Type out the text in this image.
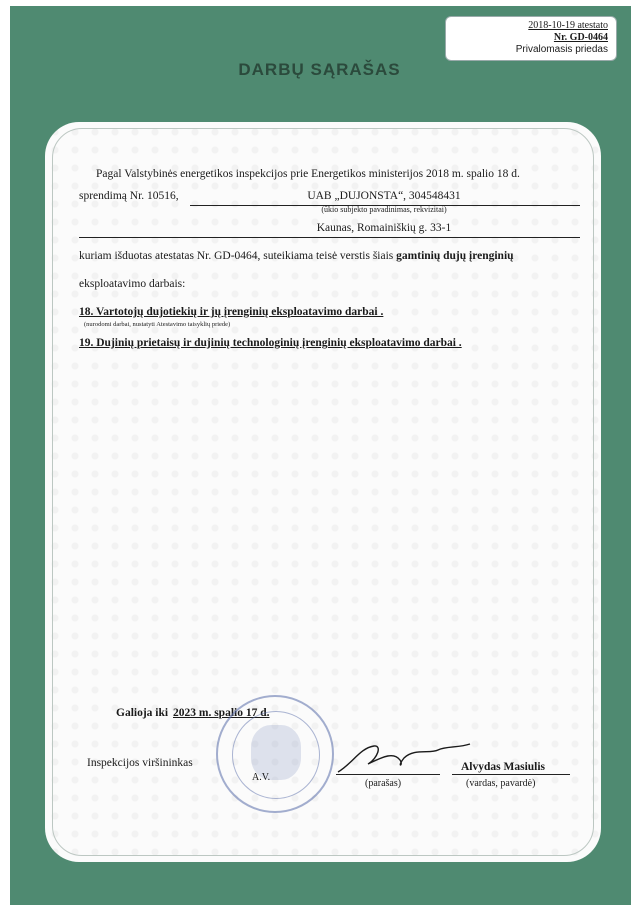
2018-10-19 atestato
Nr. GD-0464
Privalomasis priedas
DARBŲ SĄRAŠAS
Pagal Valstybinės energetikos inspekcijos prie Energetikos ministerijos 2018 m. spalio 18 d.
sprendimą Nr. 10516,	UAB „DUJONSTA“, 304548431
(ūkio subjekto pavadinimas, rekvizitai)
Kaunas, Romainiškių g. 33-1
kuriam išduotas atestatas Nr. GD-0464, suteikiama teisė verstis šiais gamtinių dujų įrenginių
eksploatavimo darbais:
18. Vartotojų dujotiekių ir jų įrenginių eksploatavimo darbai .
(nurodomi darbai, nustatyti Atestavimo taisyklių priede)
19. Dujinių prietaisų ir dujinių technologinių įrenginių eksploatavimo darbai .
Galioja iki 2023 m. spalio 17 d.
Inspekcijos viršininkas
A.V.
(parašas)
Alvydas Masiulis
(vardas, pavardė)
